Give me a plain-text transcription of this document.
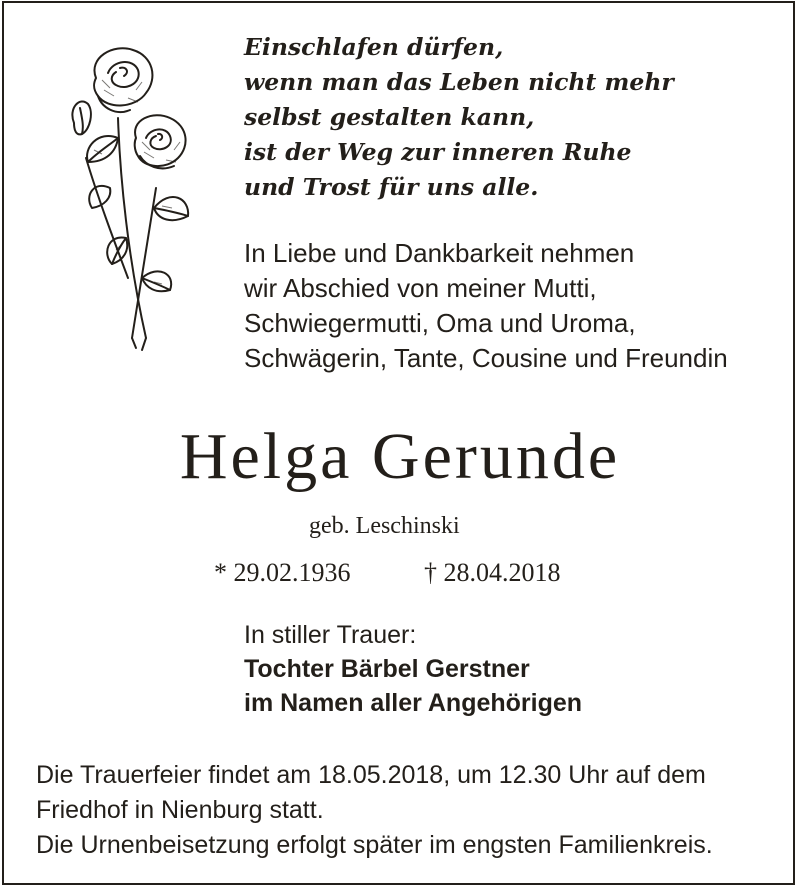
Einschlafen dürfen,
wenn man das Leben nicht mehr
selbst gestalten kann,
ist der Weg zur inneren Ruhe
und Trost für uns alle.
In Liebe und Dankbarkeit nehmen
wir Abschied von meiner Mutti,
Schwiegermutti, Oma und Uroma,
Schwägerin, Tante, Cousine und Freundin
Helga Gerunde
geb. Leschinski
* 29.02.1936	† 28.04.2018
In stiller Trauer:
Tochter Bärbel Gerstner
im Namen aller Angehörigen
Die Trauerfeier findet am 18.05.2018, um 12.30 Uhr auf dem
Friedhof in Nienburg statt.
Die Urnenbeisetzung erfolgt später im engsten Familienkreis.
